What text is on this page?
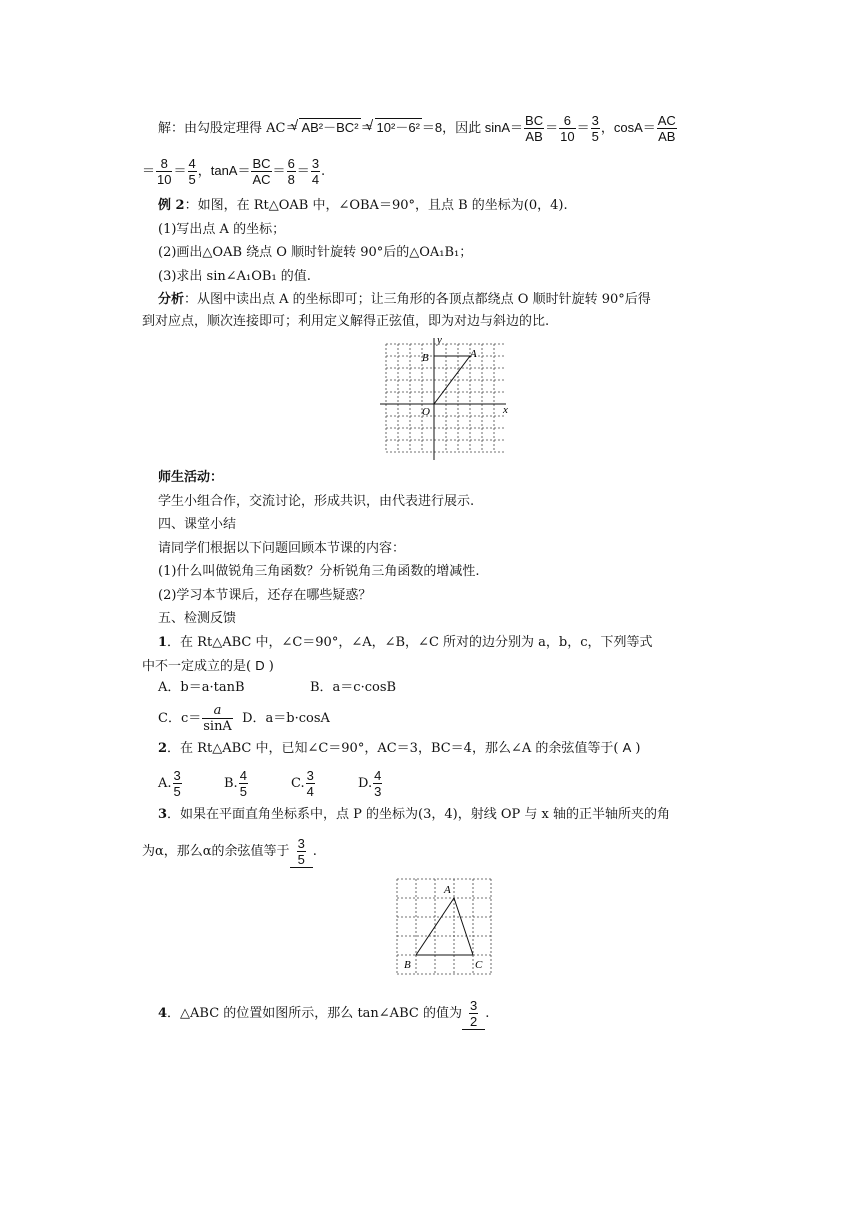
解：由勾股定理得 AC＝ √ AB²－BC² ＝ √ 10²－6² ＝8，因此 $\sin A= \frac{BC}{AB} = \frac{6}{10} = \frac{3}{5}$ ，$\cos A= \frac{AC}{AB}$
＝ $\frac{8}{10} = \frac{4}{5}$ ，$\tan A= \frac{BC}{AC} = \frac{6}{8} = \frac{3}{4}$ .
例 2：如图，在 Rt△OAB 中，∠OBA＝90°，且点 B 的坐标为(0，4).
(1)写出点 A 的坐标；
(2)画出△OAB 绕点 O 顺时针旋转 90°后的△OA₁B₁；
(3)求出 sin∠A₁OB₁ 的值.
分析：从图中读出点 A 的坐标即可；让三角形的各顶点都绕点 O 顺时针旋转 90°后得
到对应点，顺次连接即可；利用定义解得正弦值，即为对边与斜边的比.
y
x
B	A
O
师生活动：
学生小组合作，交流讨论，形成共识，由代表进行展示.
四、课堂小结
请同学们根据以下问题回顾本节课的内容：
(1)什么叫做锐角三角函数？分析锐角三角函数的增减性.
(2)学习本节课后，还存在哪些疑惑？
五、检测反馈
1．在 Rt△ABC 中，∠C＝90°，∠A，∠B，∠C 所对的边分别为 a，b，c，下列等式
中不一定成立的是( D )
A．b＝a·tanB	B．a＝c·cosB
C．$c= \frac{a}{\sin A}$ D．a＝b·cosA
2．在 Rt△ABC 中，已知∠C＝90°，AC＝3，BC＝4，那么∠A 的余弦值等于( A )
A. $\frac{3}{5}$	B. $\frac{4}{5}$	C. $\frac{3}{4}$	D. $\frac{4}{3}$
3．如果在平面直角坐标系中，点 P 的坐标为(3，4)，射线 OP 与 x 轴的正半轴所夹的角
为α，那么α的余弦值等于 $\frac{3}{5}$ .
A
B	C
4．△ABC 的位置如图所示，那么 tan∠ABC 的值为 $\frac{3}{2}$ .
